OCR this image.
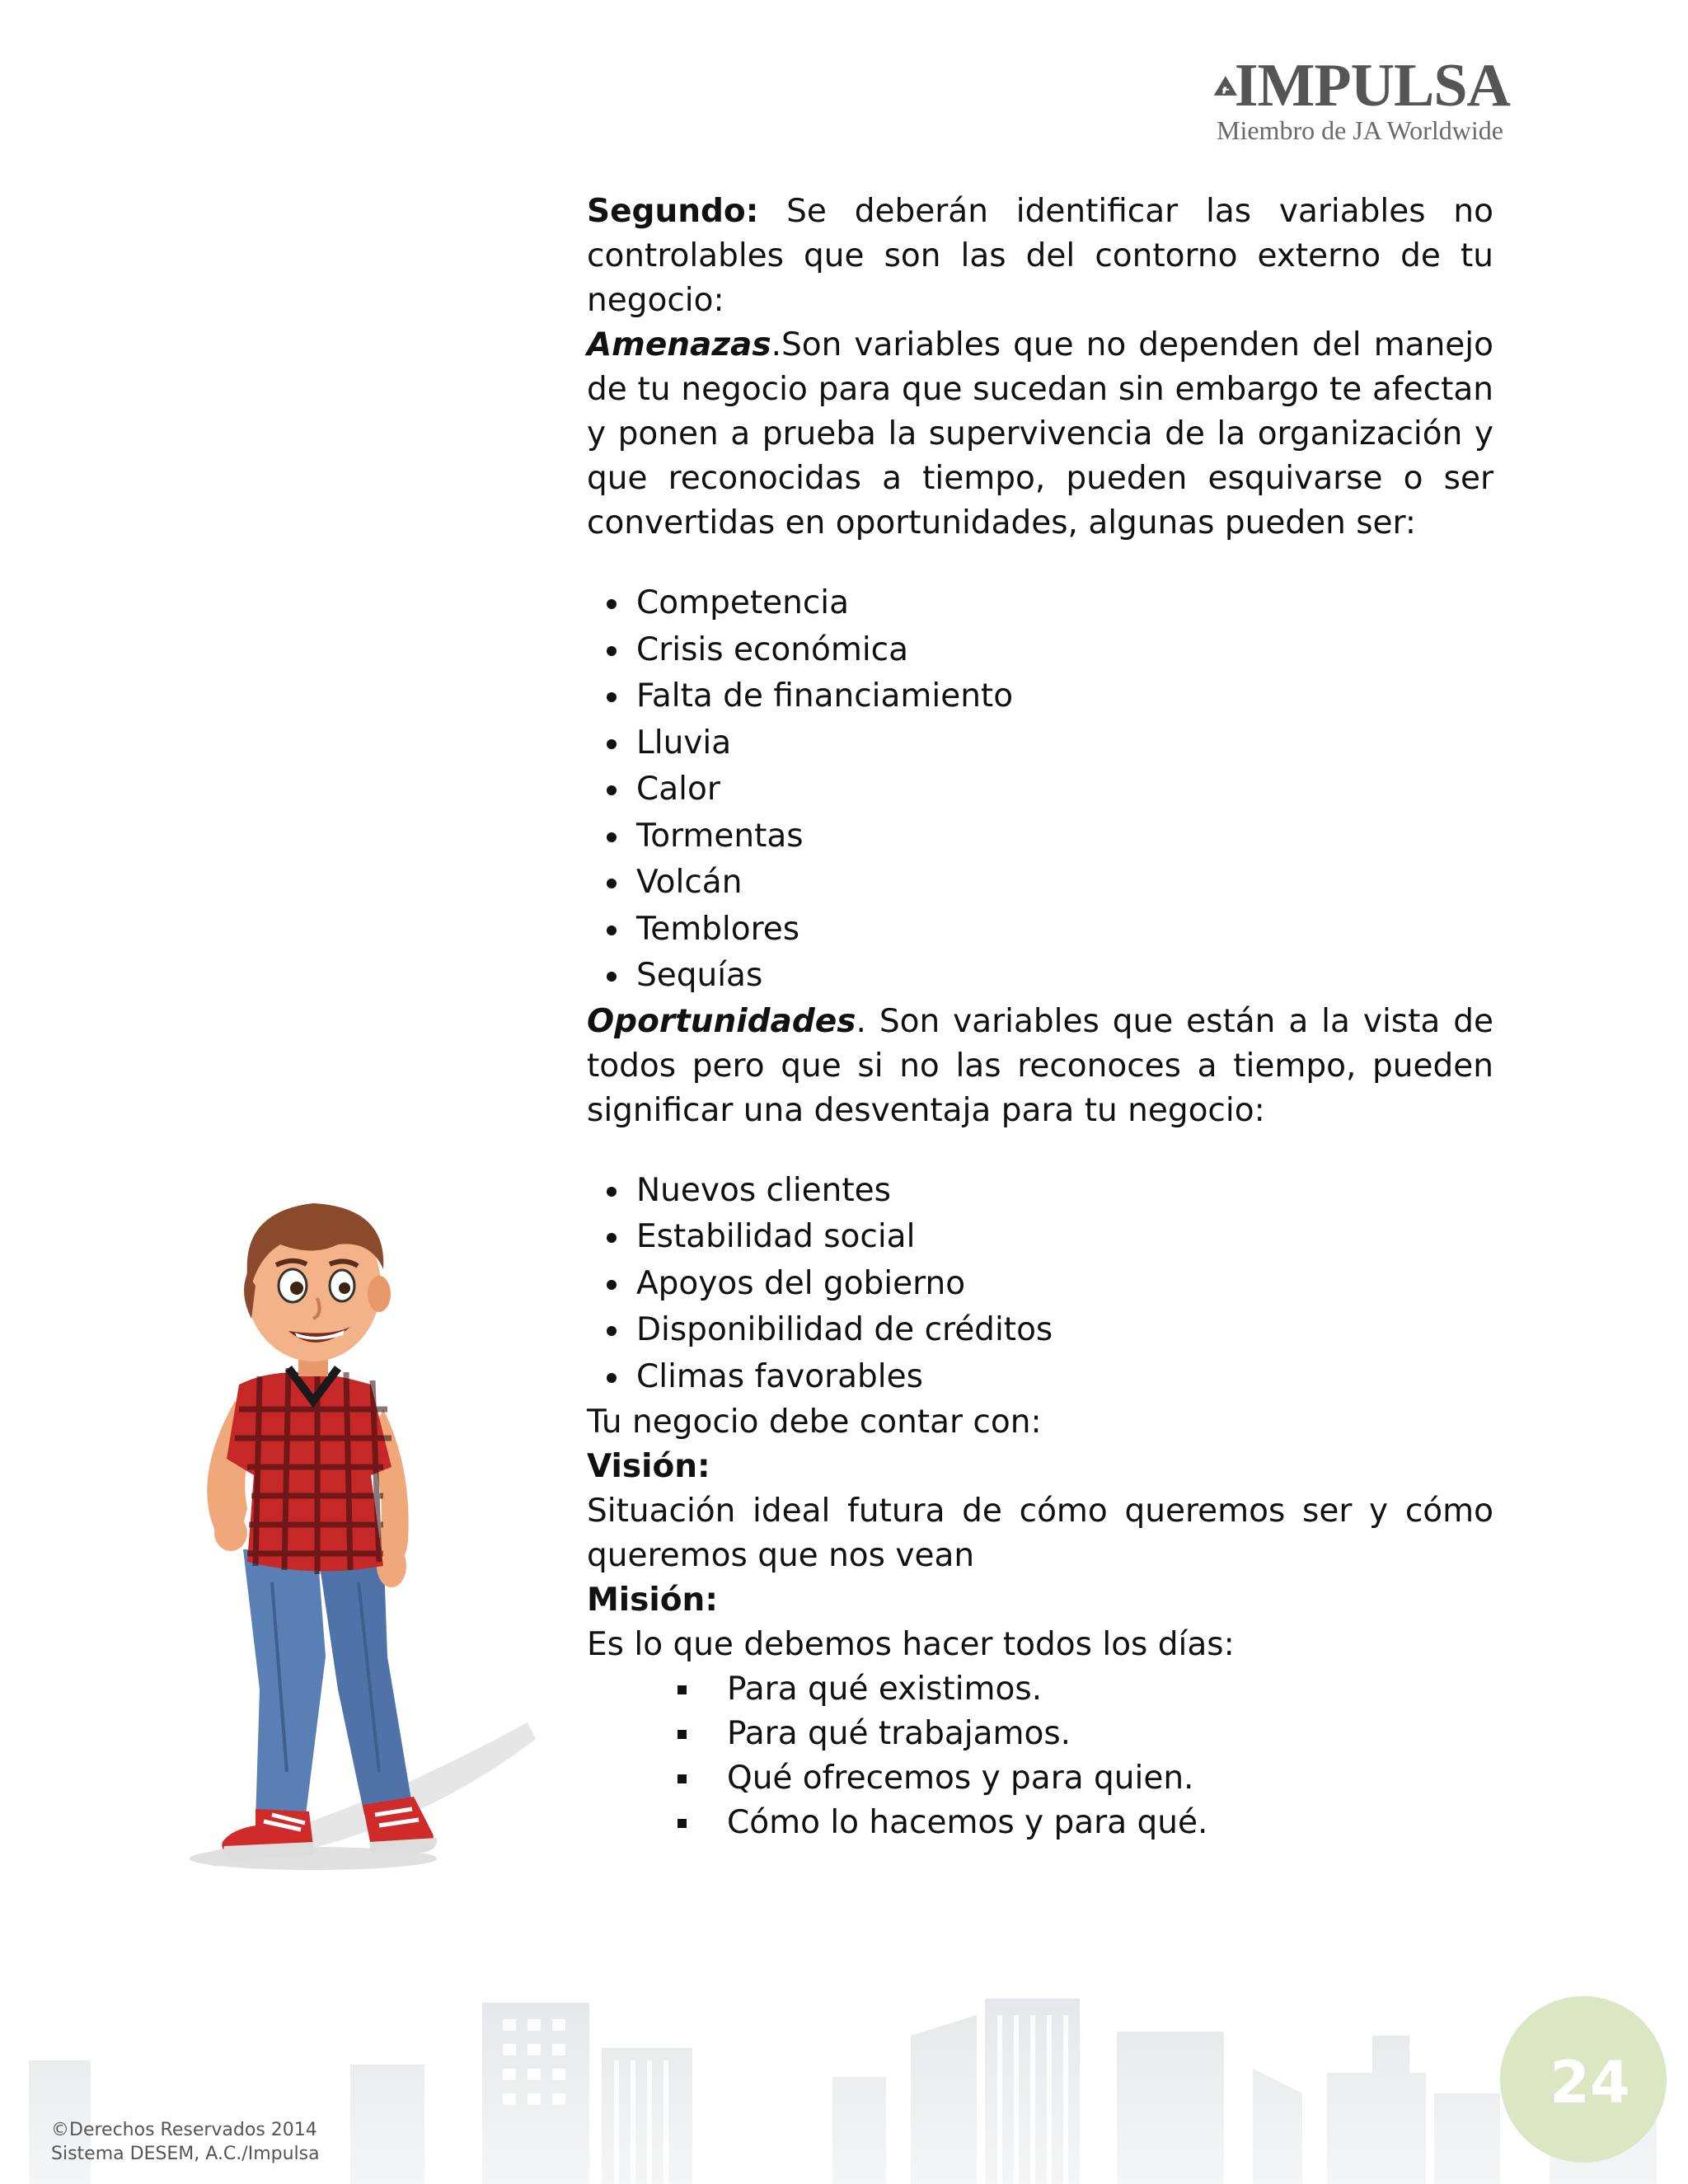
IMPULSA
Miembro de JA Worldwide

Segundo: Se deberán identificar las variables no controlables que son las del contorno externo de tu negocio:

Amenazas.Son variables que no dependen del manejo de tu negocio para que sucedan sin embargo te afectan y ponen a prueba la supervivencia de la organización y que reconocidas a tiempo, pueden esquivarse o ser convertidas en oportunidades, algunas pueden ser:

Competencia
Crisis económica
Falta de financiamiento
Lluvia
Calor
Tormentas
Volcán
Temblores
Sequías

Oportunidades. Son variables que están a la vista de todos pero que si no las reconoces a tiempo, pueden significar una desventaja para tu negocio:

Nuevos clientes
Estabilidad social
Apoyos del gobierno
Disponibilidad de créditos
Climas favorables

Tu negocio debe contar con:

Visión:

Situación ideal futura de cómo queremos ser y cómo queremos que nos vean

Misión:

Es lo que debemos hacer todos los días:

Para qué existimos.
Para qué trabajamos.
Qué ofrecemos y para quien.
Cómo lo hacemos y para qué.
©Derechos Reservados 2014
Sistema DESEM, A.C./Impulsa
24
